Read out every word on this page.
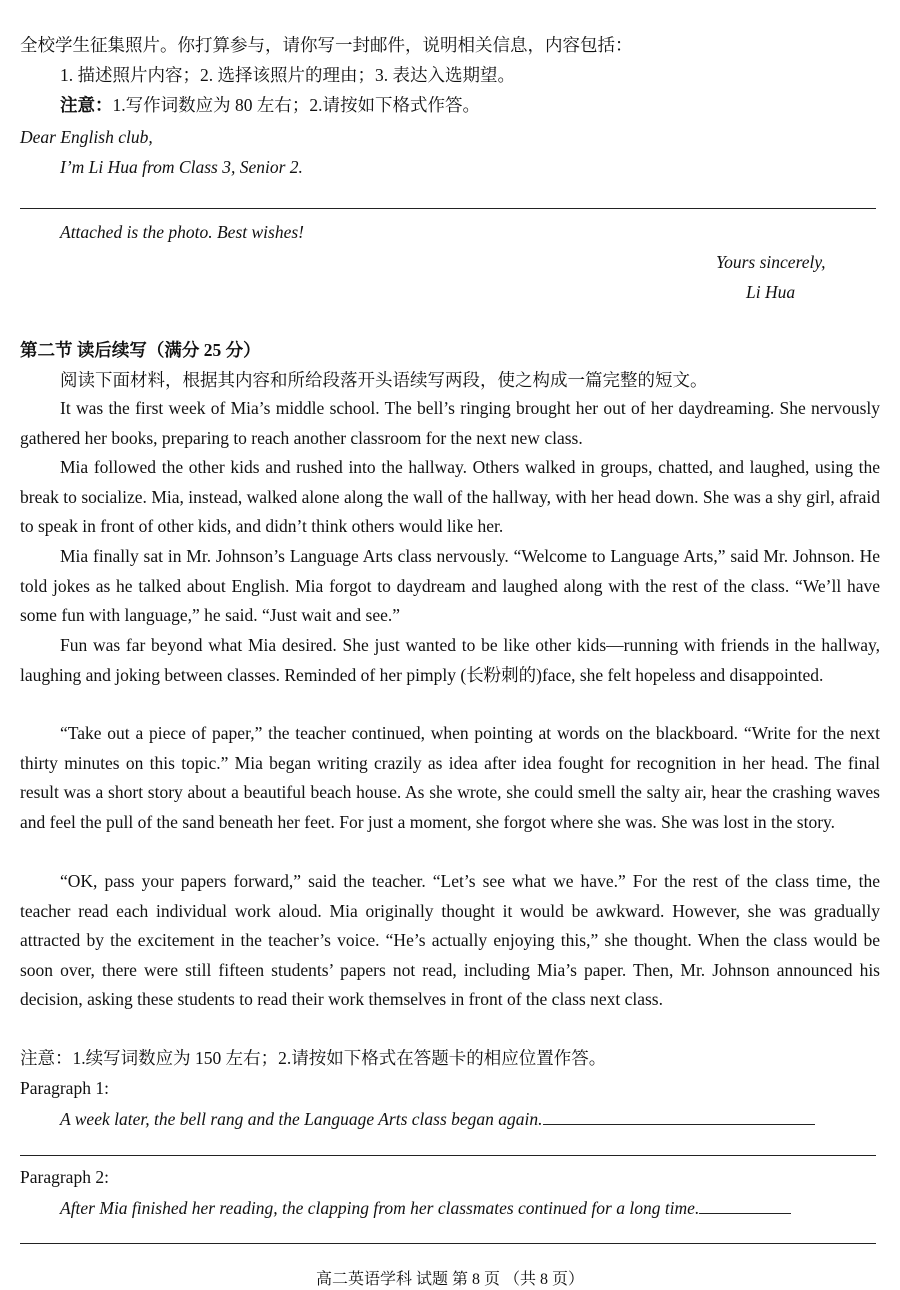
全校学生征集照片。你打算参与，请你写一封邮件，说明相关信息，内容包括：
1. 描述照片内容；2. 选择该照片的理由；3. 表达入选期望。
注意：1.写作词数应为 80 左右；2.请按如下格式作答。
Dear English club,
I’m Li Hua from Class 3, Senior 2.
Attached is the photo. Best wishes!
Yours sincerely,
Li Hua
第二节 读后续写（满分 25 分）
阅读下面材料，根据其内容和所给段落开头语续写两段，使之构成一篇完整的短文。

It was the first week of Mia’s middle school. The bell’s ringing brought her out of her daydreaming. She nervously gathered her books, preparing to reach another classroom for the next new class.

Mia followed the other kids and rushed into the hallway. Others walked in groups, chatted, and laughed, using the break to socialize. Mia, instead, walked alone along the wall of the hallway, with her head down. She was a shy girl, afraid to speak in front of other kids, and didn’t think others would like her.

Mia finally sat in Mr. Johnson’s Language Arts class nervously. “Welcome to Language Arts,” said Mr. Johnson. He told jokes as he talked about English. Mia forgot to daydream and laughed along with the rest of the class. “We’ll have some fun with language,” he said. “Just wait and see.”

Fun was far beyond what Mia desired. She just wanted to be like other kids—running with friends in the hallway, laughing and joking between classes. Reminded of her pimply (长粉刺的)face, she felt hopeless and disappointed.

“Take out a piece of paper,” the teacher continued, when pointing at words on the blackboard. “Write for the next thirty minutes on this topic.” Mia began writing crazily as idea after idea fought for recognition in her head. The final result was a short story about a beautiful beach house. As she wrote, she could smell the salty air, hear the crashing waves and feel the pull of the sand beneath her feet. For just a moment, she forgot where she was. She was lost in the story.

“OK, pass your papers forward,” said the teacher. “Let’s see what we have.” For the rest of the class time, the teacher read each individual work aloud. Mia originally thought it would be awkward. However, she was gradually attracted by the excitement in the teacher’s voice. “He’s actually enjoying this,” she thought. When the class would be soon over, there were still fifteen students’ papers not read, including Mia’s paper. Then, Mr. Johnson announced his decision, asking these students to read their work themselves in front of the class next class.

注意：1.续写词数应为 150 左右；2.请按如下格式在答题卡的相应位置作答。
Paragraph 1:
A week later, the bell rang and the Language Arts class began again.
Paragraph 2:
After Mia finished her reading, the clapping from her classmates continued for a long time.
高二英语学科 试题 第 8 页 （共 8 页）
